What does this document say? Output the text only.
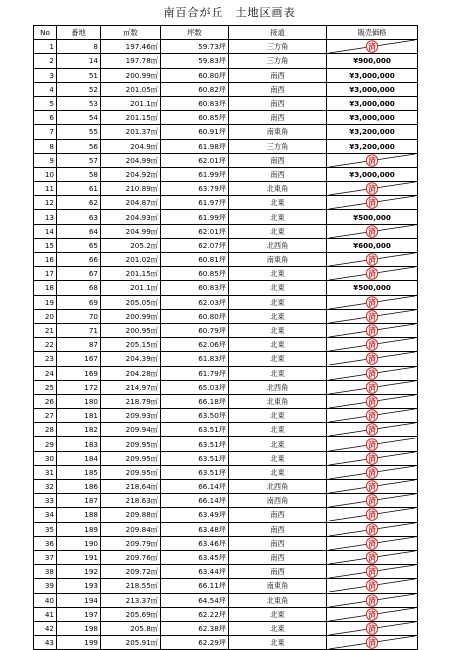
南百合が丘　土地区画表
No	番地	㎡数	坪数	接道	販売価格
1	8	197.46㎡	59.73坪	三方角	済

2	14	197.78㎡	59.83坪	三方角	¥900,000
3	51	200.99㎡	60.80坪	南西	¥3,000,000
4	52	201.05㎡	60.82坪	南西	¥3,000,000
5	53	201.1㎡	60.83坪	南西	¥3,000,000
6	54	201.15㎡	60.85坪	南西	¥3,000,000
7	55	201.37㎡	60.91坪	南東角	¥3,200,000
8	56	204.9㎡	61.98坪	三方角	¥3,200,000
9	57	204.99㎡	62.01坪	南西	済

10	58	204.92㎡	61.99坪	南西	¥3,000,000
11	61	210.89㎡	63.79坪	北東角	済

12	62	204.87㎡	61.97坪	北東	済

13	63	204.93㎡	61.99坪	北東	¥500,000
14	64	204.99㎡	62.01坪	北東	済

15	65	205.2㎡	62.07坪	北西角	¥600,000
16	66	201.02㎡	60.81坪	南東角	済

17	67	201.15㎡	60.85坪	北東	済

18	68	201.1㎡	60.83坪	北東	¥500,000
19	69	205.05㎡	62.03坪	北東	済

20	70	200.99㎡	60.80坪	北東	済

21	71	200.95㎡	60.79坪	北東	済

22	87	205.15㎡	62.06坪	北東	済

23	167	204.39㎡	61.83坪	北東	済

24	169	204.28㎡	61.79坪	北東	済

25	172	214.97㎡	65.03坪	北西角	済

26	180	218.79㎡	66.18坪	北東角	済

27	181	209.93㎡	63.50坪	北東	済

28	182	209.94㎡	63.51坪	北東	済

29	183	209.95㎡	63.51坪	北東	済

30	184	209.95㎡	63.51坪	北東	済

31	185	209.95㎡	63.51坪	北東	済

32	186	218.64㎡	66.14坪	北西角	済

33	187	218.63㎡	66.14坪	南西角	済

34	188	209.88㎡	63.49坪	南西	済

35	189	209.84㎡	63.48坪	南西	済

36	190	209.79㎡	63.46坪	南西	済

37	191	209.76㎡	63.45坪	南西	済

38	192	209.72㎡	63.44坪	南西	済

39	193	218.55㎡	66.11坪	南東角	済

40	194	213.37㎡	64.54坪	北東角	済

41	197	205.69㎡	62.22坪	北東	済

42	198	205.8㎡	62.38坪	北東	済

43	199	205.91㎡	62.29坪	北東	済
